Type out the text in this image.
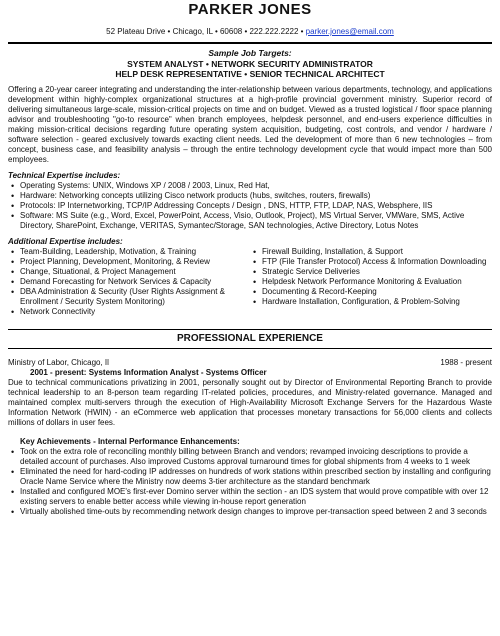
PARKER JONES
52 Plateau Drive • Chicago, IL • 60608 • 222.222.2222 • parker.jones@email.com
Sample Job Targets:
SYSTEM ANALYST • NETWORK SECURITY ADMINISTRATOR
HELP DESK REPRESENTATIVE • SENIOR TECHNICAL ARCHITECT

Offering a 20-year career integrating and understanding the inter-relationship between various departments, technology, and applications development within highly-complex organizational structures at a high-profile provincial government ministry. Superior record of delivering simultaneous large-scale, mission-critical projects on time and on budget. Viewed as a trusted logistical / floor space planning advisor and troubleshooting "go-to resource" when branch employees, helpdesk personnel, and end-users experience difficulties in making mission-critical decisions regarding future operating system acquisition, budgeting, cost controls, and vendor / hardware / software selection - geared exclusively towards exacting client needs. Led the development of more than 6 new technologies – from concept, business case, and feasibility analysis – through the entire technology development cycle that would impact more than 500 employees.

Technical Expertise includes:
• Operating Systems: UNIX, Windows XP / 2008 / 2003, Linux, Red Hat,
• Hardware: Networking concepts utilizing Cisco network products (hubs, switches, routers, firewalls)
• Protocols: IP Internetworking, TCP/IP Addressing Concepts / Design , DNS, HTTP, FTP, LDAP, NAS, Websphere, IIS
• Software: MS Suite (e.g., Word, Excel, PowerPoint, Access, Visio, Outlook, Project), MS Virtual Server, VMWare, SMS, Active Directory, SharePoint, Exchange, VERITAS, Symantec/Storage, SAN technologies, Active Directory, Lotus Notes
Additional Expertise includes:
• Team-Building, Leadership, Motivation, & Training
• Project Planning, Development, Monitoring, & Review
• Change, Situational, & Project Management
• Demand Forecasting for Network Services & Capacity
• DBA Administration & Security (User Rights Assignment & Enrollment / Security System Monitoring)
• Network Connectivity
• Firewall Building, Installation, & Support
• FTP (File Transfer Protocol) Access & Information Downloading
• Strategic Service Deliveries
• Helpdesk Network Performance Monitoring & Evaluation
• Documenting & Record-Keeping
• Hardware Installation, Configuration, & Problem-Solving
PROFESSIONAL EXPERIENCE
Ministry of Labor, Chicago, Il	1988 - present
2001 - present: Systems Information Analyst - Systems Officer

Due to technical communications privatizing in 2001, personally sought out by Director of Environmental Reporting Branch to provide technical leadership to an 8-person team regarding IT-related policies, procedures, and Ministry-related governance. Managed and maintained complex multi-servers through the execution of High-Availability Microsoft Exchange Servers for the Hazardous Waste Information Network (HWIN) - an eCommerce web application that processes monetary transactions for 56,000 clients and collects millions of dollars in user fees.

Key Achievements - Internal Performance Enhancements:
• Took on the extra role of reconciling monthly billing between Branch and vendors; revamped invoicing descriptions to provide a detailed account of purchases. Also improved Customs approval turnaround times for global shipments from 4 weeks to 1 week
• Eliminated the need for hard-coding IP addresses on hundreds of work stations within prescribed section by installing and configuring Oracle Name Service where the Ministry now deems 3-tier architecture as the standard benchmark
• Installed and configured MOE's first-ever Domino server within the section - an IDS system that would prove compatible with over 12 existing servers to enable better access while viewing in-house report generation
• Virtually abolished time-outs by recommending network design changes to improve per-transaction speed between 2 and 3 seconds
